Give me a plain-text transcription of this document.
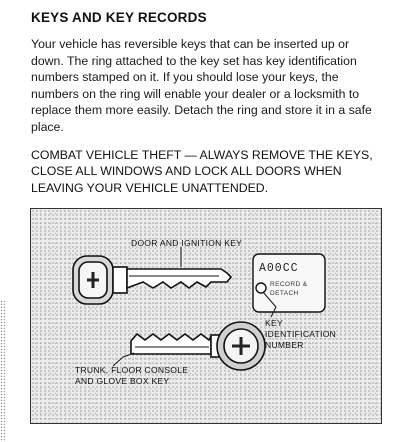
KEYS AND KEY RECORDS

Your vehicle has reversible keys that can be inserted up or down. The ring attached to the key set has key identification numbers stamped on it. If you should lose your keys, the numbers on the ring will enable your dealer or a locksmith to replace them more easily. Detach the ring and store it in a safe place.

COMBAT VEHICLE THEFT — ALWAYS REMOVE THE KEYS, CLOSE ALL WINDOWS AND LOCK ALL DOORS WHEN LEAVING YOUR VEHICLE UNATTENDED.

DOOR AND IGNITION KEY
A00CC
RECORD &
DETACH
KEY
IDENTIFICATION
NUMBER
TRUNK, FLOOR CONSOLE
AND GLOVE BOX KEY
